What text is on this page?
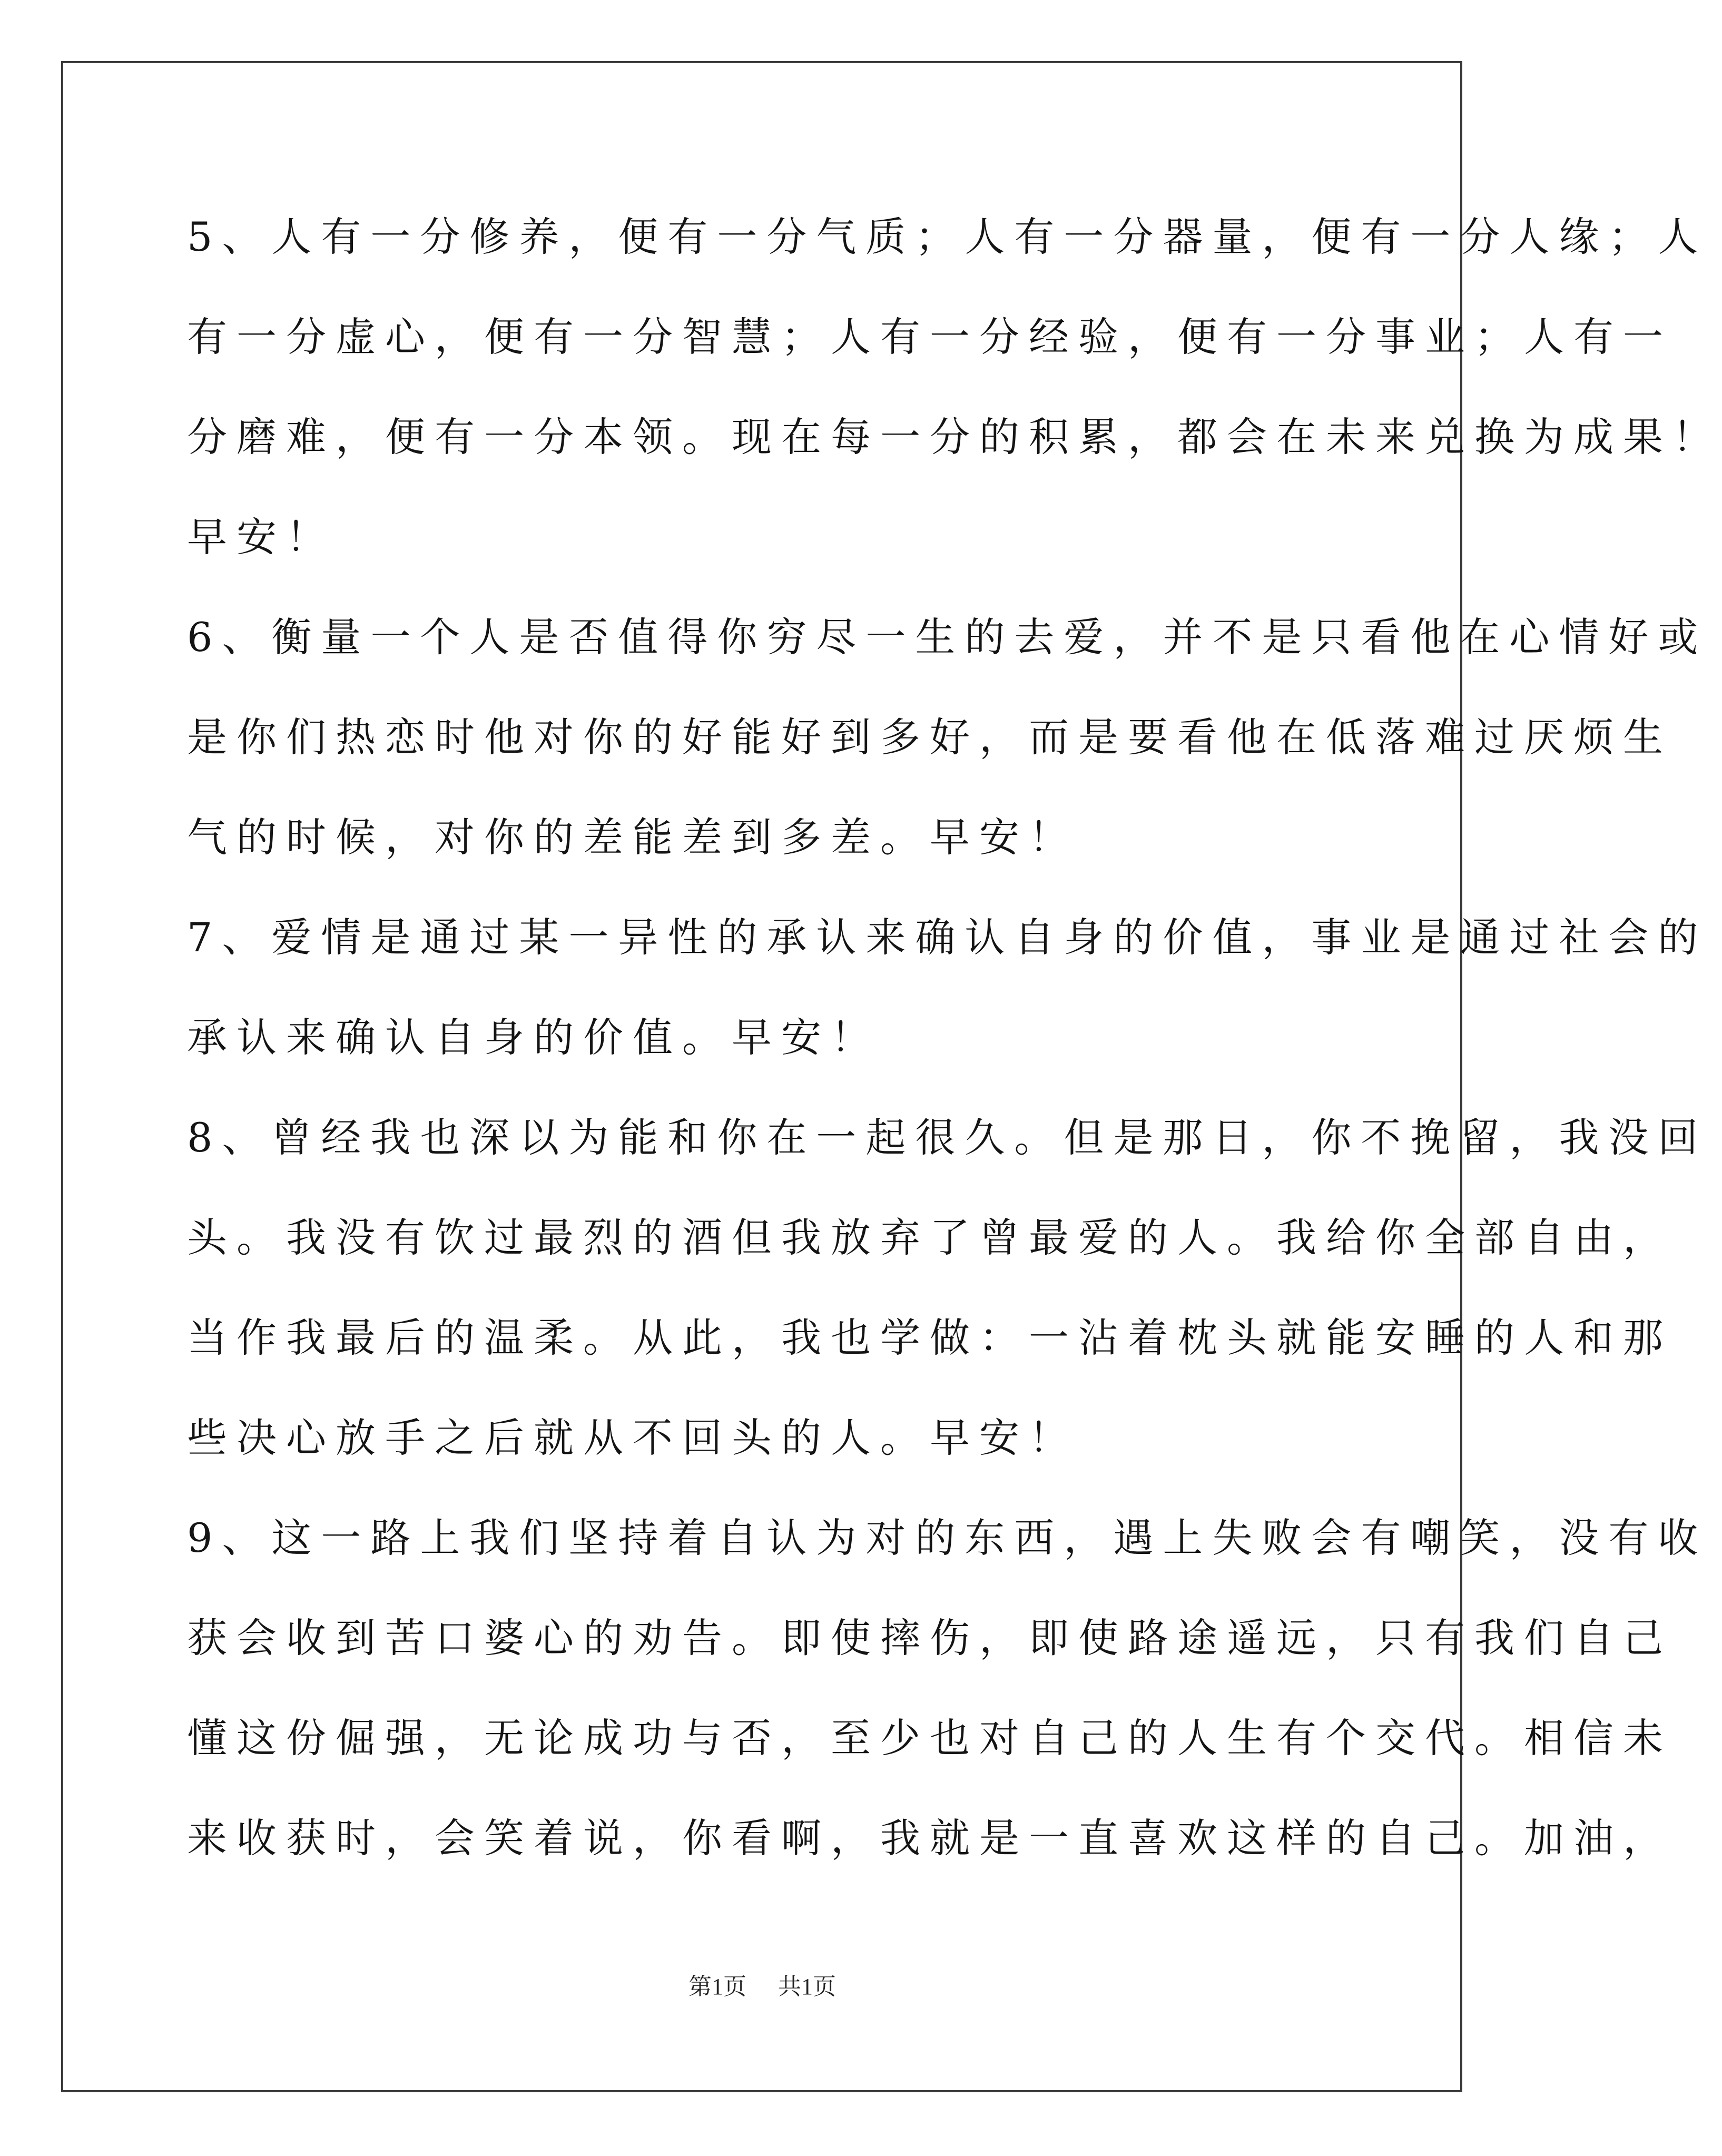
5、人有一分修养，便有一分气质；人有一分器量，便有一分人缘；人
有一分虚心，便有一分智慧；人有一分经验，便有一分事业；人有一
分磨难，便有一分本领。现在每一分的积累，都会在未来兑换为成果！
早安！
6、衡量一个人是否值得你穷尽一生的去爱，并不是只看他在心情好或
是你们热恋时他对你的好能好到多好，而是要看他在低落难过厌烦生
气的时候，对你的差能差到多差。早安！
7、爱情是通过某一异性的承认来确认自身的价值，事业是通过社会的
承认来确认自身的价值。早安！
8、曾经我也深以为能和你在一起很久。但是那日，你不挽留，我没回
头。我没有饮过最烈的酒但我放弃了曾最爱的人。我给你全部自由，
当作我最后的温柔。从此，我也学做：一沾着枕头就能安睡的人和那
些决心放手之后就从不回头的人。早安！
9、这一路上我们坚持着自认为对的东西，遇上失败会有嘲笑，没有收
获会收到苦口婆心的劝告。即使摔伤，即使路途遥远，只有我们自己
懂这份倔强，无论成功与否，至少也对自己的人生有个交代。相信未
来收获时，会笑着说，你看啊，我就是一直喜欢这样的自己。加油，
第1页 共1页
